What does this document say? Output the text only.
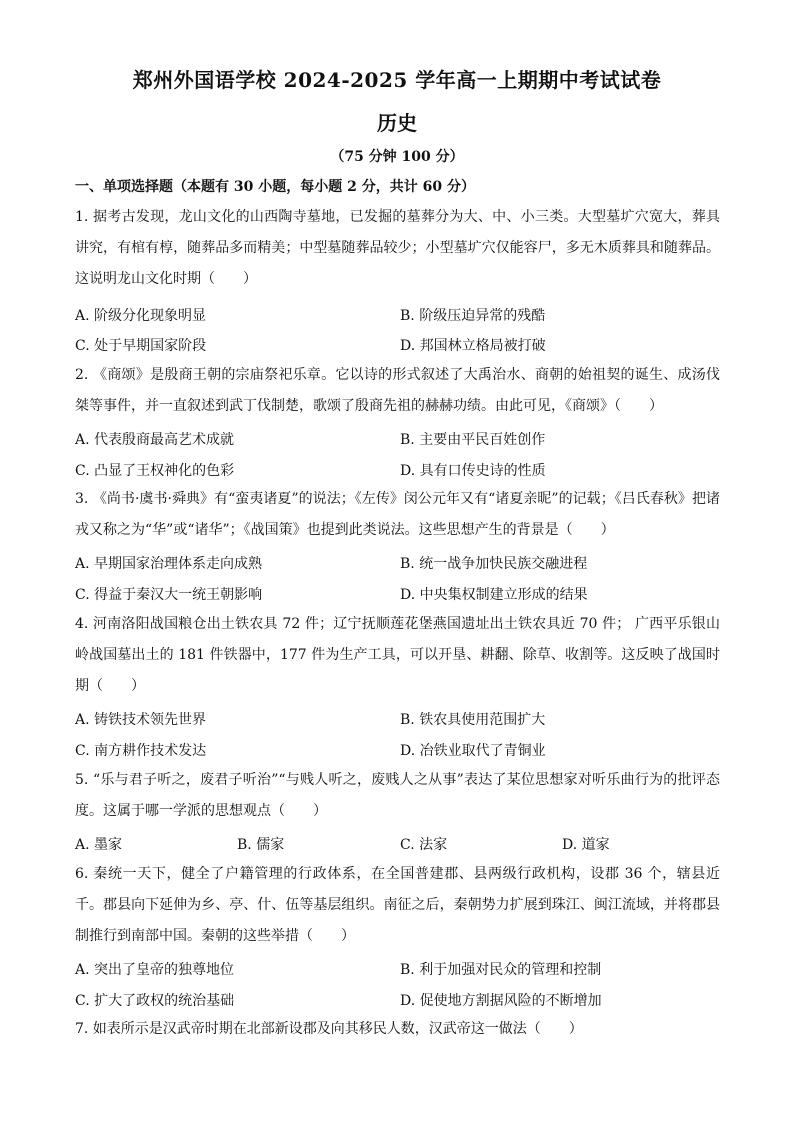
郑州外国语学校 2024-2025 学年高一上期期中考试试卷
历史
（75 分钟 100 分）
一、单项选择题（本题有 30 小题，每小题 2 分，共计 60 分）
1. 据考古发现，龙山文化的山西陶寺墓地，已发掘的墓葬分为大、中、小三类。大型墓圹穴宽大，葬具讲究，有棺有椁，随葬品多而精美；中型墓随葬品较少；小型墓圹穴仅能容尸，多无木质葬具和随葬品。这说明龙山文化时期（　　）
A. 阶级分化现象明显	B. 阶级压迫异常的残酷
C. 处于早期国家阶段	D. 邦国林立格局被打破
2. 《商颂》是殷商王朝的宗庙祭祀乐章。它以诗的形式叙述了大禹治水、商朝的始祖契的诞生、成汤伐桀等事件，并一直叙述到武丁伐制楚，歌颂了殷商先祖的赫赫功绩。由此可见，《商颂》（　　）
A. 代表殷商最高艺术成就	B. 主要由平民百姓创作
C. 凸显了王权神化的色彩	D. 具有口传史诗的性质
3. 《尚书·虞书·舜典》有“蛮夷诸夏”的说法；《左传》闵公元年又有“诸夏亲昵”的记载；《吕氏春秋》把诸戎又称之为“华”或“诸华”；《战国策》也提到此类说法。这些思想产生的背景是（　　）
A. 早期国家治理体系走向成熟	B. 统一战争加快民族交融进程
C. 得益于秦汉大一统王朝影响	D. 中央集权制建立形成的结果
4. 河南洛阳战国粮仓出土铁农具 72 件；辽宁抚顺莲花堡燕国遗址出土铁农具近 70 件； 广西平乐银山岭战国墓出土的 181 件铁器中，177 件为生产工具，可以开垦、耕翻、除草、收割等。这反映了战国时期（　　）
A. 铸铁技术领先世界	B. 铁农具使用范围扩大
C. 南方耕作技术发达	D. 冶铁业取代了青铜业
5. “乐与君子听之，废君子听治”“与贱人听之，废贱人之从事”表达了某位思想家对听乐曲行为的批评态度。这属于哪一学派的思想观点（　　）
A. 墨家	B. 儒家	C. 法家	D. 道家
6. 秦统一天下，健全了户籍管理的行政体系，在全国普建郡、县两级行政机构，设郡 36 个，辖县近千。郡县向下延伸为乡、亭、什、伍等基层组织。南征之后，秦朝势力扩展到珠江、闽江流域，并将郡县制推行到南部中国。秦朝的这些举措（　　）
A. 突出了皇帝的独尊地位	B. 利于加强对民众的管理和控制
C. 扩大了政权的统治基础	D. 促使地方割据风险的不断增加
7. 如表所示是汉武帝时期在北部新设郡及向其移民人数，汉武帝这一做法（　　）
